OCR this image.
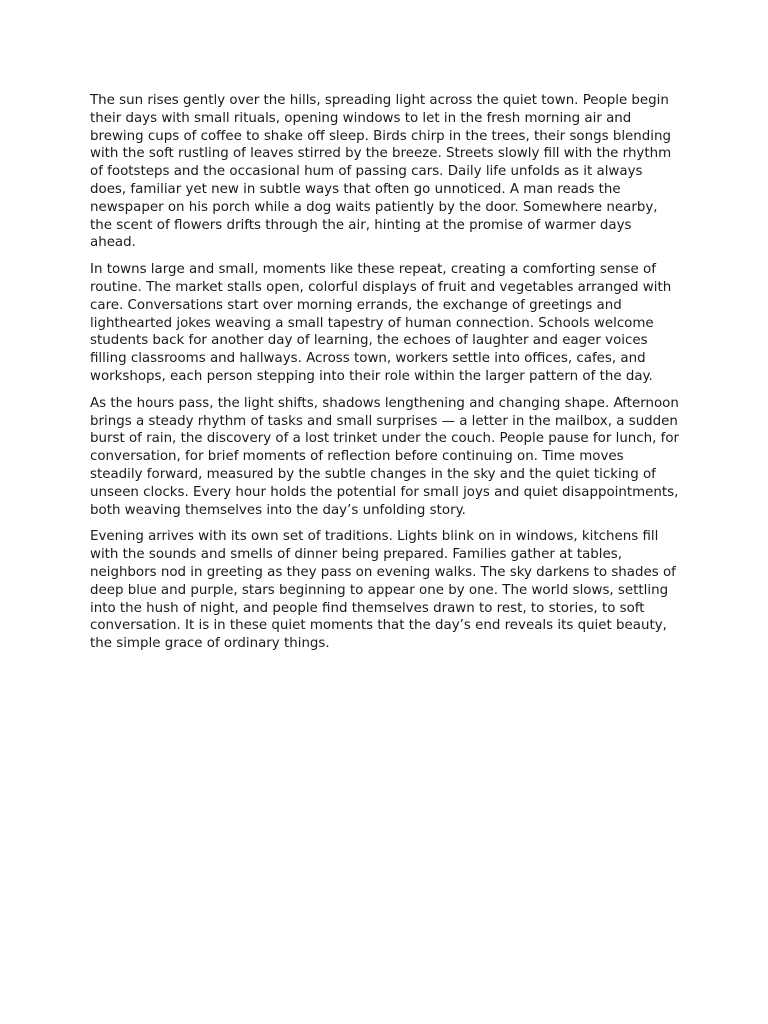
The sun rises gently over the hills, spreading light across the quiet town. People begin their days with small rituals, opening windows to let in the fresh morning air and brewing cups of coffee to shake off sleep. Birds chirp in the trees, their songs blending with the soft rustling of leaves stirred by the breeze. Streets slowly fill with the rhythm of footsteps and the occasional hum of passing cars. Daily life unfolds as it always does, familiar yet new in subtle ways that often go unnoticed. A man reads the newspaper on his porch while a dog waits patiently by the door. Somewhere nearby, the scent of flowers drifts through the air, hinting at the promise of warmer days ahead.

In towns large and small, moments like these repeat, creating a comforting sense of routine. The market stalls open, colorful displays of fruit and vegetables arranged with care. Conversations start over morning errands, the exchange of greetings and lighthearted jokes weaving a small tapestry of human connection. Schools welcome students back for another day of learning, the echoes of laughter and eager voices filling classrooms and hallways. Across town, workers settle into offices, cafes, and workshops, each person stepping into their role within the larger pattern of the day.

As the hours pass, the light shifts, shadows lengthening and changing shape. Afternoon brings a steady rhythm of tasks and small surprises — a letter in the mailbox, a sudden burst of rain, the discovery of a lost trinket under the couch. People pause for lunch, for conversation, for brief moments of reflection before continuing on. Time moves steadily forward, measured by the subtle changes in the sky and the quiet ticking of unseen clocks. Every hour holds the potential for small joys and quiet disappointments, both weaving themselves into the day’s unfolding story.

Evening arrives with its own set of traditions. Lights blink on in windows, kitchens fill with the sounds and smells of dinner being prepared. Families gather at tables, neighbors nod in greeting as they pass on evening walks. The sky darkens to shades of deep blue and purple, stars beginning to appear one by one. The world slows, settling into the hush of night, and people find themselves drawn to rest, to stories, to soft conversation. It is in these quiet moments that the day’s end reveals its quiet beauty, the simple grace of ordinary things.
